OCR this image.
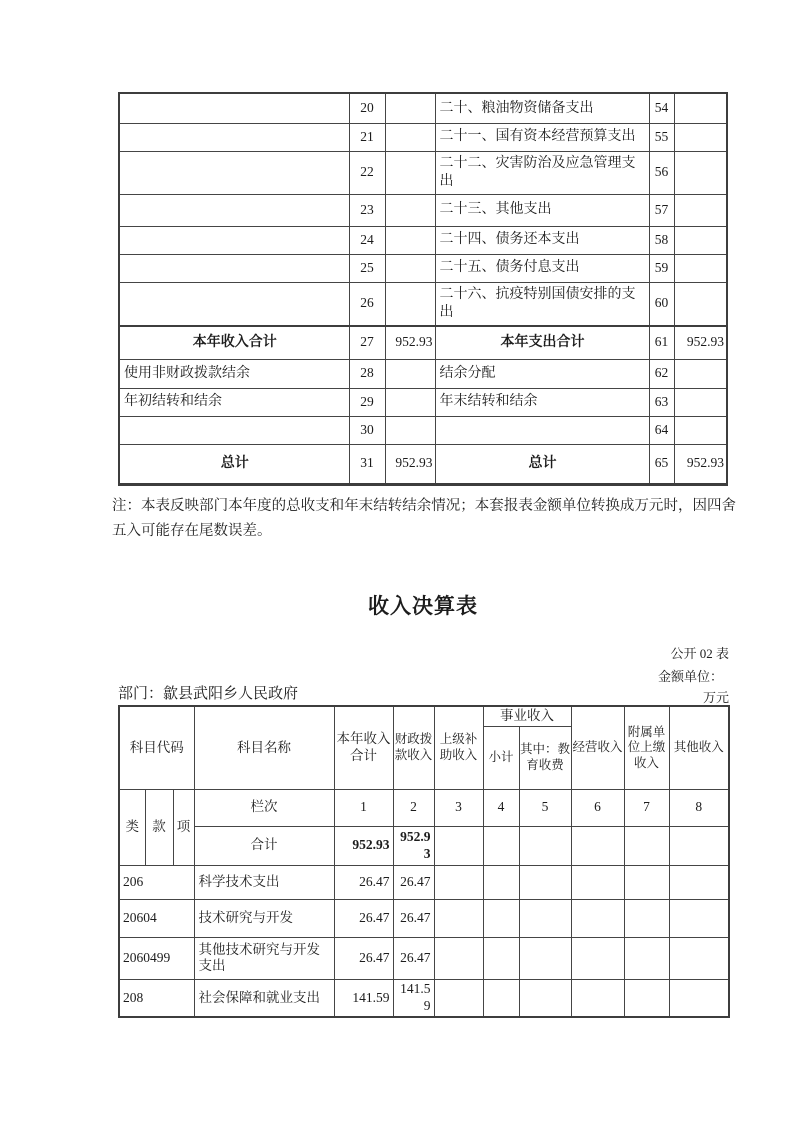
	20		二十、粮油物资储备支出	54	
	21		二十一、国有资本经营预算支出	55	
	22		二十二、灾害防治及应急管理支出	56	
	23		二十三、其他支出	57	
	24		二十四、债务还本支出	58	
	25		二十五、债务付息支出	59	
	26		二十六、抗疫特别国债安排的支出	60	
本年收入合计	27	952.93	本年支出合计	61	952.93
使用非财政拨款结余	28		结余分配	62	
年初结转和结余	29		年末结转和结余	63	
	30			64	
总计	31	952.93	总计	65	952.93
注：本表反映部门本年度的总收支和年末结转结余情况；本套报表金额单位转换成万元时，因四舍五入可能存在尾数误差。
收入决算表
公开 02 表
金额单位：
万元
部门：歙县武阳乡人民政府
科目代码			科目名称	本年收入合计	财政拨款收入	上级补助收入	事业收入		经营收入	附属单位上缴收入	其他收入
							小计	其中：教育收费			
类	款	项	栏次	1	2	3	4	5	6	7	8
			合计	952.93	952.93						
206			科学技术支出	26.47	26.47						
20604			技术研究与开发	26.47	26.47						
2060499			其他技术研究与开发支出	26.47	26.47						
208			社会保障和就业支出	141.59	141.59						
